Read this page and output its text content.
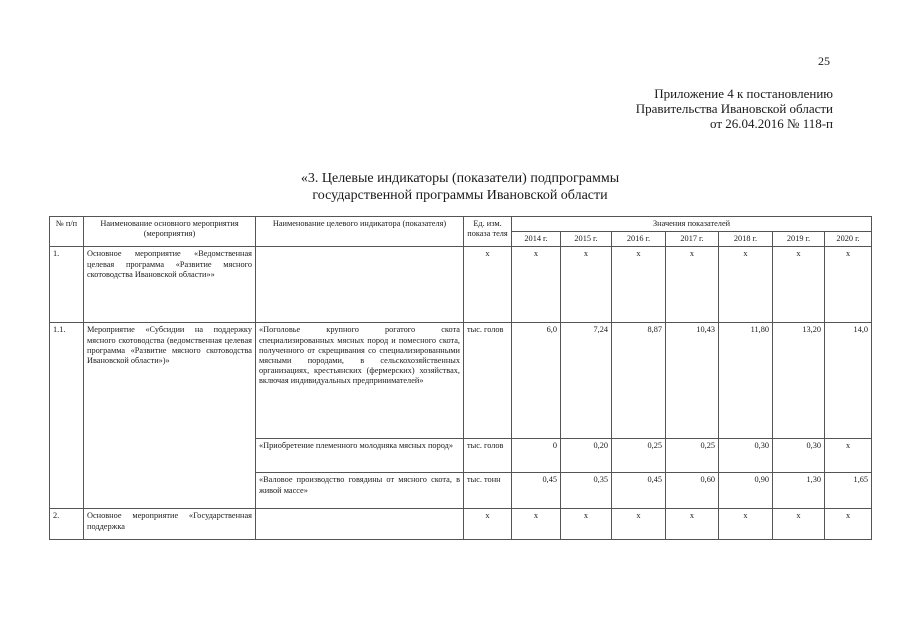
25
Приложение 4 к постановлению
Правительства Ивановской области
от 26.04.2016 № 118-п
«3. Целевые индикаторы (показатели) подпрограммы
государственной программы Ивановской области
№ п/п	Наименование основного мероприятия (мероприятия)	Наименование целевого индикатора (показателя)	Ед. изм. показа теля	Значения показателей						
				2014 г.	2015 г.	2016 г.	2017 г.	2018 г.	2019 г.	2020 г.
1.	Основное мероприятие «Ведомственная целевая программа «Развитие мясного скотоводства Ивановской области»»		x	x	x	x	x	x	x	x
1.1.	Мероприятие «Субсидии на поддержку мясного скотоводства (ведомственная целевая программа «Развитие мясного скотоводства Ивановской области»)»	«Поголовье крупного рогатого скота специализированных мясных пород и помесного скота, полученного от скрещивания со специализированными мясными породами, в сельскохозяйственных организациях, крестьянских (фермерских) хозяйствах, включая индивидуальных предпринимателей»	тыс. голов	6,0	7,24	8,87	10,43	11,80	13,20	14,0
		«Приобретение племенного молодняка мясных пород»	тыс. голов	0	0,20	0,25	0,25	0,30	0,30	x
		«Валовое производство говядины от мясного скота, в живой массе»	тыс. тонн	0,45	0,35	0,45	0,60	0,90	1,30	1,65
2.	Основное мероприятие «Государственная поддержка		x	x	x	x	x	x	x	x
